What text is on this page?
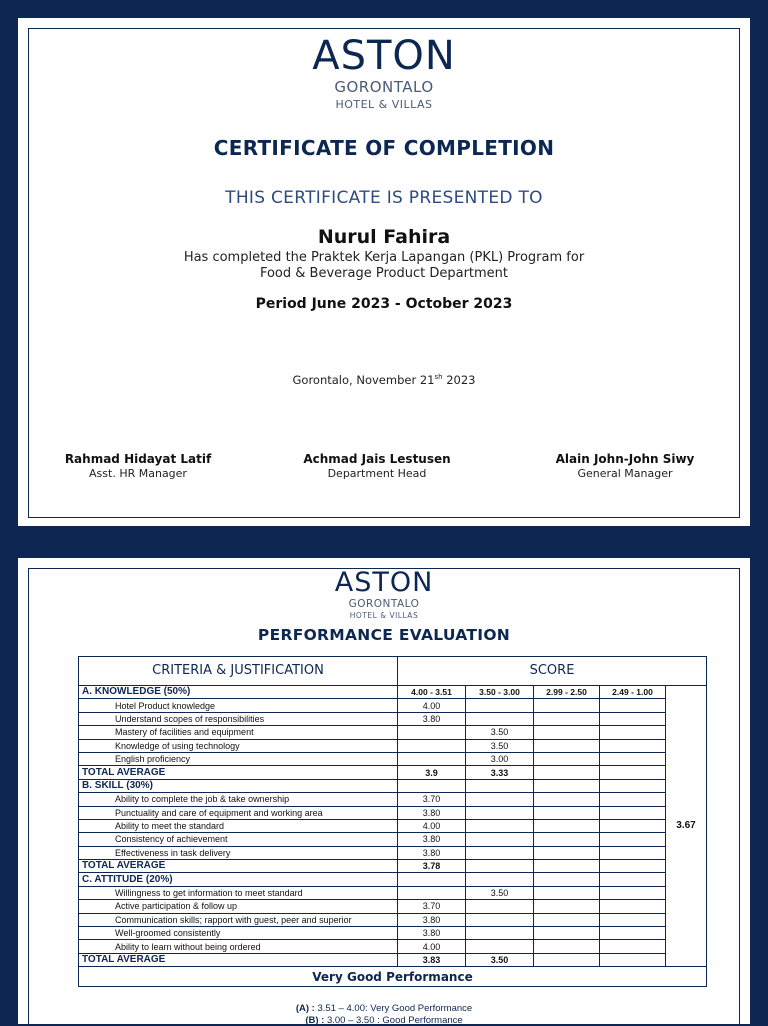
ASTON
GORONTALO
HOTEL & VILLAS
CERTIFICATE OF COMPLETION
THIS CERTIFICATE IS PRESENTED TO
Nurul Fahira
Has completed the Praktek Kerja Lapangan (PKL) Program for
Food & Beverage Product Department
Period June 2023 - October 2023
Gorontalo, November $21^{sh}$ 2023
Rahmad Hidayat Latif
Asst. HR Manager
Achmad Jais Lestusen
Department Head
Alain John-John Siwy
General Manager
ASTON
GORONTALO
HOTEL & VILLAS
PERFORMANCE EVALUATION
CRITERIA & JUSTIFICATION	SCORE				
A. KNOWLEDGE (50%)	4.00 - 3.51	3.50 - 3.00	2.99 - 2.50	2.49 - 1.00	3.67
Hotel Product knowledge	4.00				
Understand scopes of responsibilities	3.80				
Mastery of facilities and equipment		3.50			
Knowledge of using technology		3.50			
English proficiency		3.00			
TOTAL AVERAGE	3.9	3.33			
B. SKILL (30%)					
Ability to complete the job & take ownership	3.70				
Punctuality and care of equipment and working area	3.80				
Ability to meet the standard	4.00				
Consistency of achievement	3.80				
Effectiveness in task delivery	3.80				
TOTAL AVERAGE	3.78				
C. ATTITUDE (20%)					
Willingness to get information to meet standard		3.50			
Active participation & follow up	3.70				
Communication skills; rapport with guest, peer and superior	3.80				
Well-groomed consistently	3.80				
Ability to learn without being ordered	4.00				
TOTAL AVERAGE	3.83	3.50			
Very Good Performance					
(A) : 3.51 – 4.00: Very Good Performance
(B) : 3.00 – 3.50 : Good Performance
